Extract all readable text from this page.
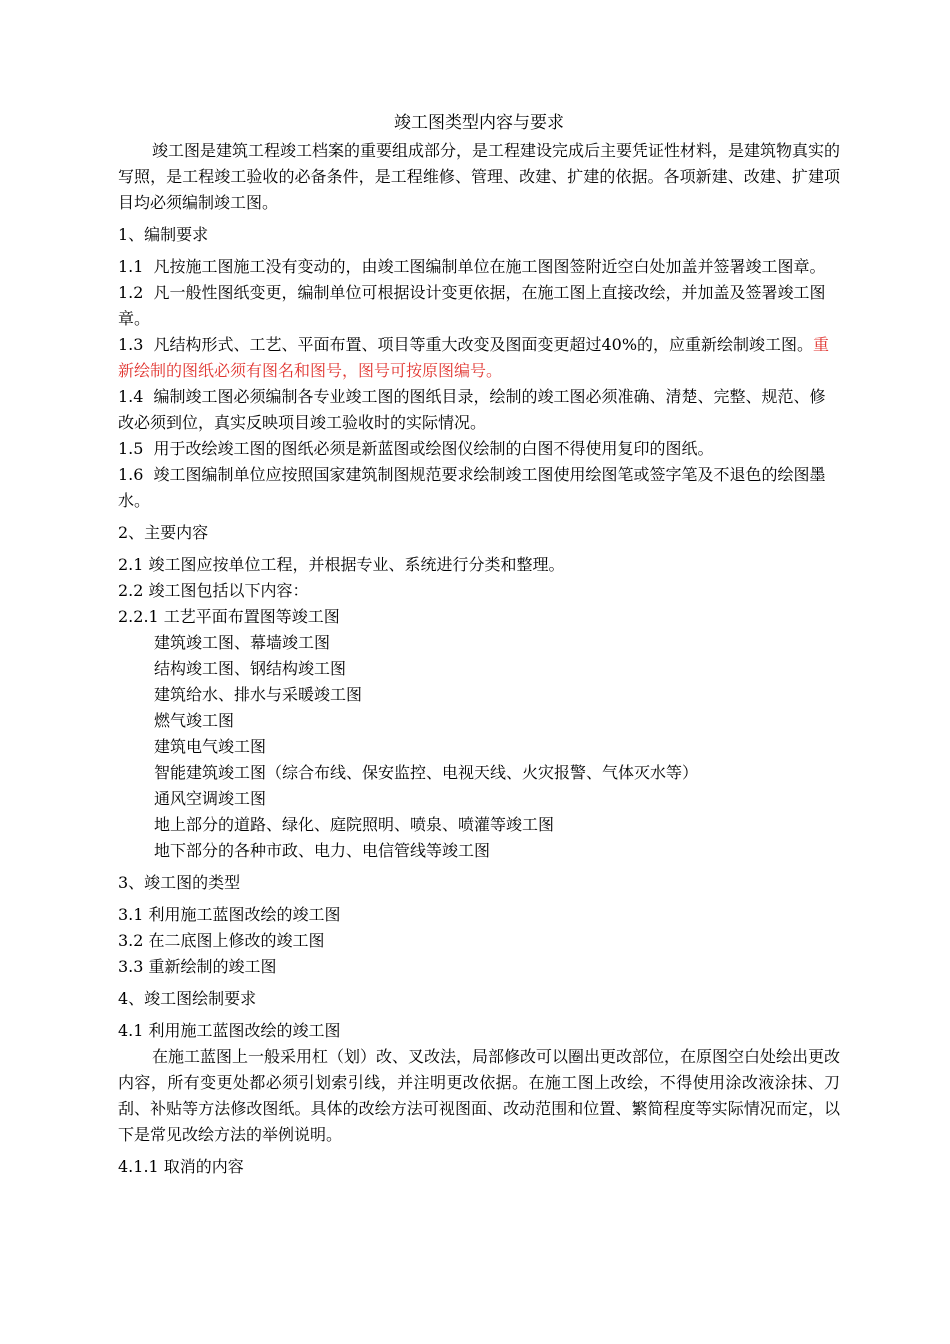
竣工图类型内容与要求

竣工图是建筑工程竣工档案的重要组成部分，是工程建设完成后主要凭证性材料，是建筑物真实的写照，是工程竣工验收的必备条件，是工程维修、管理、改建、扩建的依据。各项新建、改建、扩建项目均必须编制竣工图。

1、编制要求

1.1 凡按施工图施工没有变动的，由竣工图编制单位在施工图图签附近空白处加盖并签署竣工图章。

1.2 凡一般性图纸变更，编制单位可根据设计变更依据，在施工图上直接改绘，并加盖及签署竣工图章。

1.3 凡结构形式、工艺、平面布置、项目等重大改变及图面变更超过40%的，应重新绘制竣工图。重新绘制的图纸必须有图名和图号，图号可按原图编号。

1.4 编制竣工图必须编制各专业竣工图的图纸目录，绘制的竣工图必须准确、清楚、完整、规范、修改必须到位，真实反映项目竣工验收时的实际情况。

1.5 用于改绘竣工图的图纸必须是新蓝图或绘图仪绘制的白图不得使用复印的图纸。

1.6 竣工图编制单位应按照国家建筑制图规范要求绘制竣工图使用绘图笔或签字笔及不退色的绘图墨水。

2、主要内容

2.1 竣工图应按单位工程，并根据专业、系统进行分类和整理。

2.2 竣工图包括以下内容：

2.2.1 工艺平面布置图等竣工图

建筑竣工图、幕墙竣工图

结构竣工图、钢结构竣工图

建筑给水、排水与采暖竣工图

燃气竣工图

建筑电气竣工图

智能建筑竣工图（综合布线、保安监控、电视天线、火灾报警、气体灭水等）

通风空调竣工图

地上部分的道路、绿化、庭院照明、喷泉、喷灌等竣工图

地下部分的各种市政、电力、电信管线等竣工图

3、竣工图的类型

3.1 利用施工蓝图改绘的竣工图

3.2 在二底图上修改的竣工图

3.3 重新绘制的竣工图

4、竣工图绘制要求

4.1 利用施工蓝图改绘的竣工图

在施工蓝图上一般采用杠（划）改、叉改法，局部修改可以圈出更改部位，在原图空白处绘出更改内容，所有变更处都必须引划索引线，并注明更改依据。在施工图上改绘，不得使用涂改液涂抹、刀刮、补贴等方法修改图纸。具体的改绘方法可视图面、改动范围和位置、繁简程度等实际情况而定，以下是常见改绘方法的举例说明。

4.1.1 取消的内容
